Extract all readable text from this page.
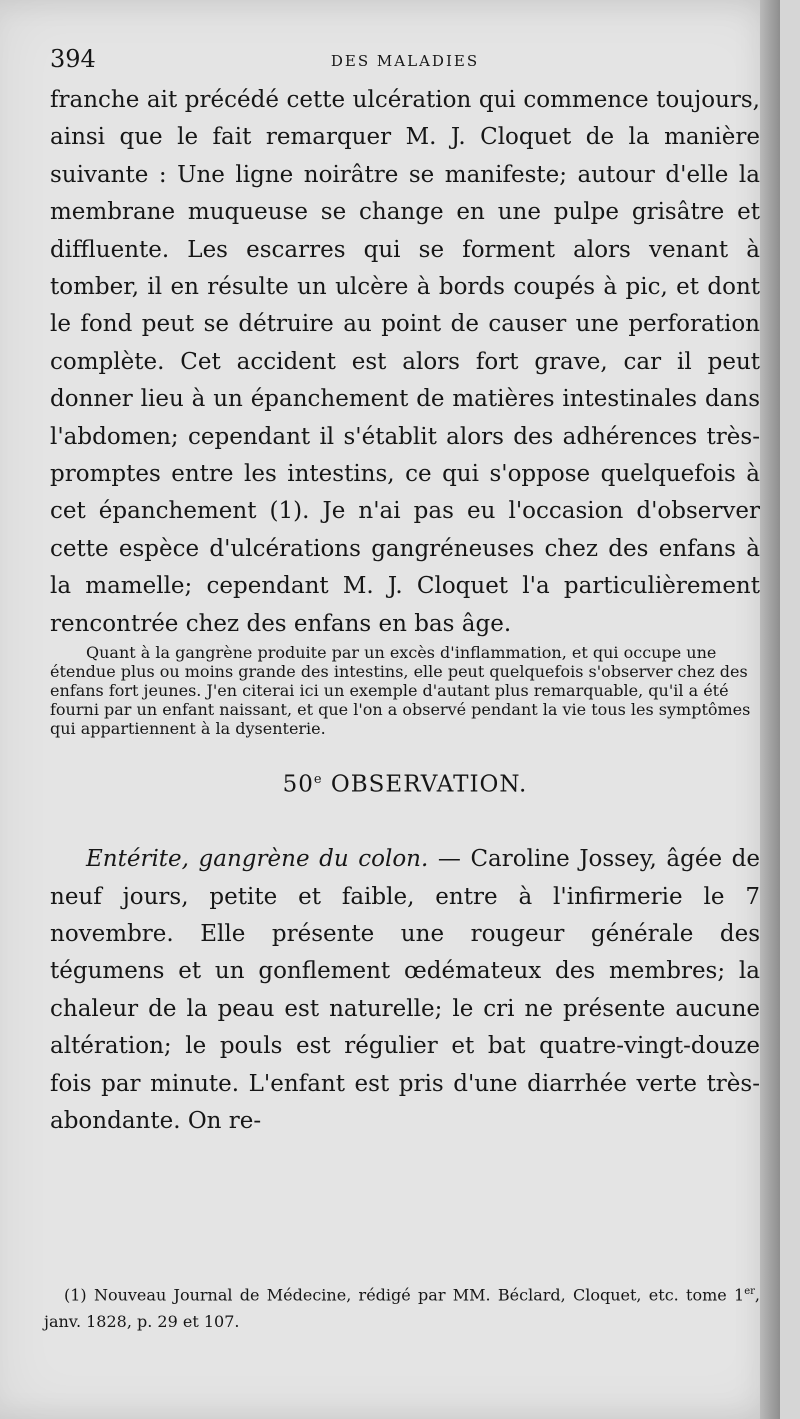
394	DES MALADIES

franche ait précédé cette ulcération qui commence toujours, ainsi que le fait remarquer M. J. Cloquet de la manière suivante : Une ligne noirâtre se manifeste; autour d'elle la membrane muqueuse se change en une pulpe grisâtre et diffluente. Les escarres qui se forment alors venant à tomber, il en résulte un ulcère à bords coupés à pic, et dont le fond peut se détruire au point de causer une perforation complète. Cet accident est alors fort grave, car il peut donner lieu à un épanchement de matières intestinales dans l'abdomen; cependant il s'établit alors des adhérences très-promptes entre les intestins, ce qui s'oppose quelquefois à cet épanchement (1). Je n'ai pas eu l'occasion d'observer cette espèce d'ulcérations gangréneuses chez des enfans à la mamelle; cependant M. J. Cloquet l'a particulièrement rencontrée chez des enfans en bas âge.

Quant à la gangrène produite par un excès d'inflammation, et qui occupe une étendue plus ou moins grande des intestins, elle peut quelquefois s'observer chez des enfans fort jeunes. J'en citerai ici un exemple d'autant plus remarquable, qu'il a été fourni par un enfant naissant, et que l'on a observé pendant la vie tous les symptômes qui appartiennent à la dysenterie.

50e OBSERVATION.

Entérite, gangrène du colon. — Caroline Jossey, âgée de neuf jours, petite et faible, entre à l'infirmerie le 7 novembre. Elle présente une rougeur générale des tégumens et un gonflement œdémateux des membres; la chaleur de la peau est naturelle; le cri ne présente aucune altération; le pouls est régulier et bat quatre-vingt-douze fois par minute. L'enfant est pris d'une diarrhée verte très-abondante. On re-

(1) Nouveau Journal de Médecine, rédigé par MM. Béclard, Cloquet, etc. tome 1er, janv. 1828, p. 29 et 107.
